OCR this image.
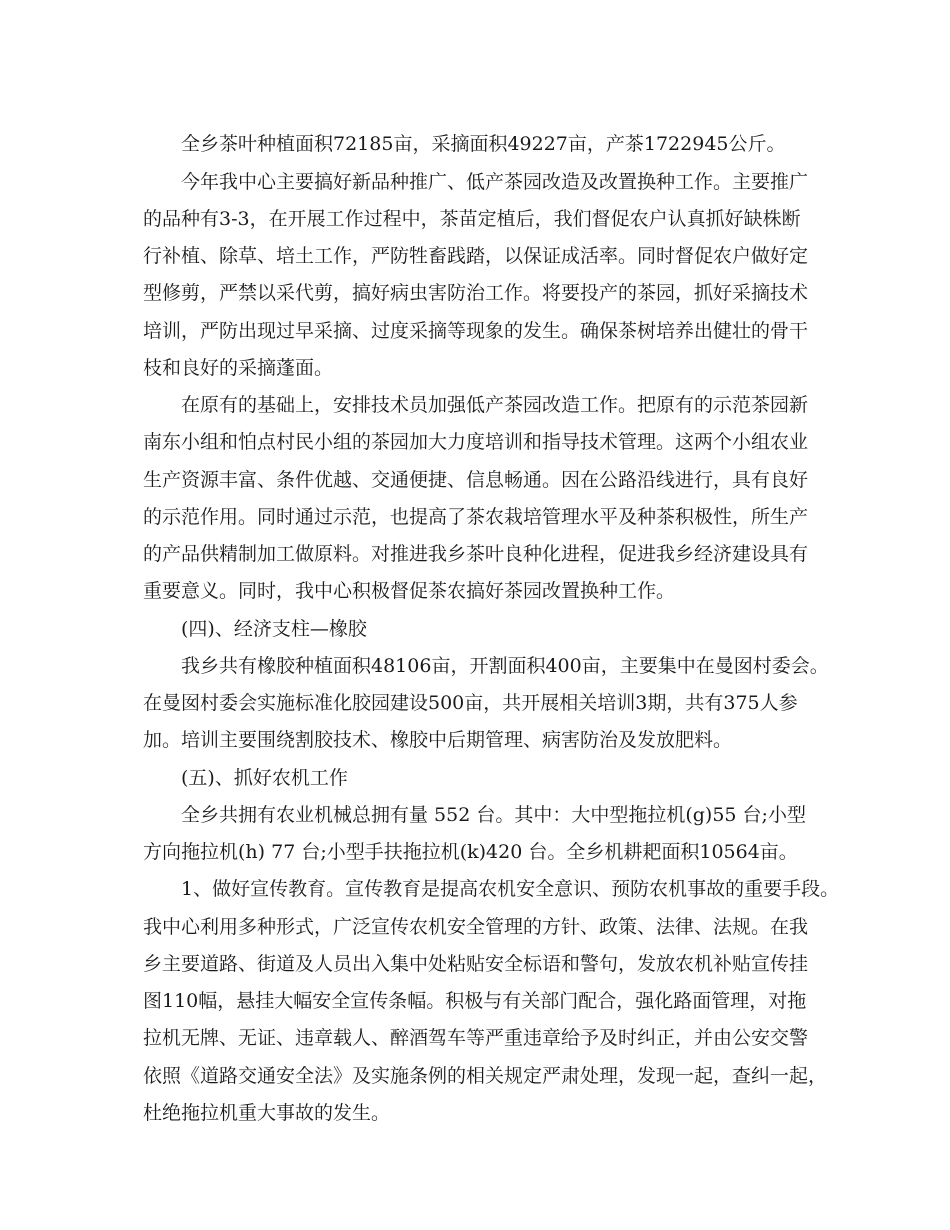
全乡茶叶种植面积72185亩，采摘面积49227亩，产茶1722945公斤。
今年我中心主要搞好新品种推广、低产茶园改造及改置换种工作。主要推广
的品种有3-3，在开展工作过程中，茶苗定植后，我们督促农户认真抓好缺株断
行补植、除草、培土工作，严防牲畜践踏，以保证成活率。同时督促农户做好定
型修剪，严禁以采代剪，搞好病虫害防治工作。将要投产的茶园，抓好采摘技术
培训，严防出现过早采摘、过度采摘等现象的发生。确保茶树培养出健壮的骨干
枝和良好的采摘蓬面。
在原有的基础上，安排技术员加强低产茶园改造工作。把原有的示范茶园新
南东小组和怕点村民小组的茶园加大力度培训和指导技术管理。这两个小组农业
生产资源丰富、条件优越、交通便捷、信息畅通。因在公路沿线进行，具有良好
的示范作用。同时通过示范，也提高了茶农栽培管理水平及种茶积极性，所生产
的产品供精制加工做原料。对推进我乡茶叶良种化进程，促进我乡经济建设具有
重要意义。同时，我中心积极督促茶农搞好茶园改置换种工作。
(四)、经济支柱—橡胶
我乡共有橡胶种植面积48106亩，开割面积400亩，主要集中在曼囡村委会。
在曼囡村委会实施标准化胶园建设500亩，共开展相关培训3期，共有375人参
加。培训主要围绕割胶技术、橡胶中后期管理、病害防治及发放肥料。
(五)、抓好农机工作
全乡共拥有农业机械总拥有量 552 台。其中：大中型拖拉机(g)55 台;小型
方向拖拉机(h) 77 台;小型手扶拖拉机(k)420 台。全乡机耕耙面积10564亩。
1、做好宣传教育。宣传教育是提高农机安全意识、预防农机事故的重要手段。
我中心利用多种形式，广泛宣传农机安全管理的方针、政策、法律、法规。在我
乡主要道路、街道及人员出入集中处粘贴安全标语和警句，发放农机补贴宣传挂
图110幅，悬挂大幅安全宣传条幅。积极与有关部门配合，强化路面管理，对拖
拉机无牌、无证、违章载人、醉酒驾车等严重违章给予及时纠正，并由公安交警
依照《道路交通安全法》及实施条例的相关规定严肃处理，发现一起，查纠一起，
杜绝拖拉机重大事故的发生。
